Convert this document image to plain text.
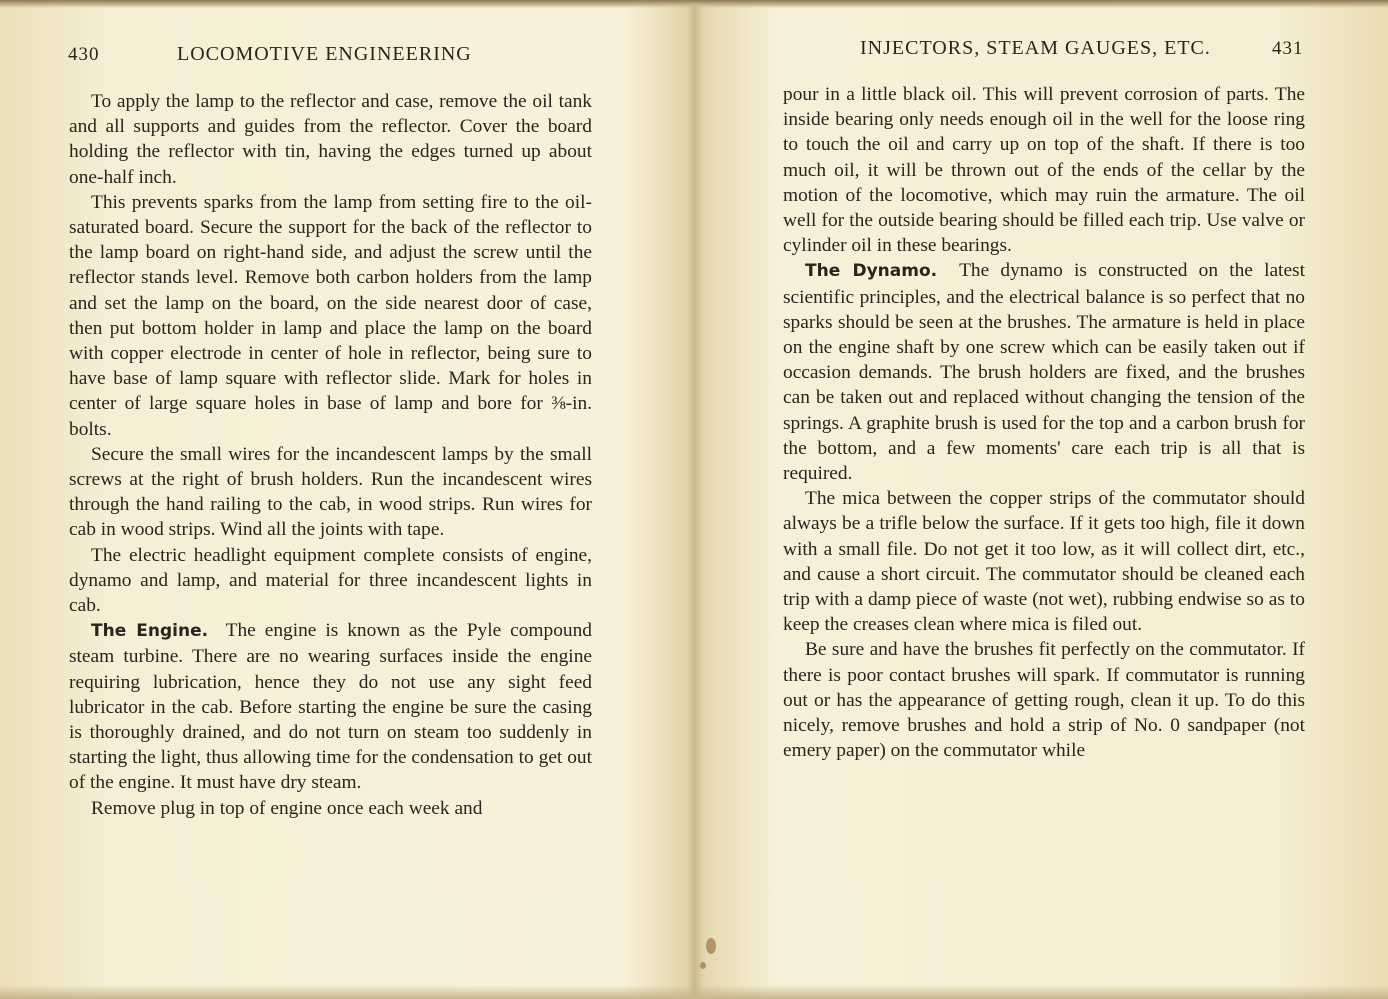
430	LOCOMOTIVE ENGINEERING

To apply the lamp to the reflector and case, remove the oil tank and all supports and guides from the reflector. Cover the board holding the reflector with tin, having the edges turned up about one-half inch.

This prevents sparks from the lamp from setting fire to the oil-saturated board. Secure the support for the back of the reflector to the lamp board on right-hand side, and adjust the screw until the reflector stands level. Remove both carbon holders from the lamp and set the lamp on the board, on the side nearest door of case, then put bottom holder in lamp and place the lamp on the board with copper electrode in center of hole in reflector, being sure to have base of lamp square with reflector slide. Mark for holes in center of large square holes in base of lamp and bore for ⅜-in. bolts.

Secure the small wires for the incandescent lamps by the small screws at the right of brush holders. Run the incandescent wires through the hand railing to the cab, in wood strips. Run wires for cab in wood strips. Wind all the joints with tape.

The electric headlight equipment complete consists of engine, dynamo and lamp, and material for three incandescent lights in cab.

The Engine. The engine is known as the Pyle compound steam turbine. There are no wearing surfaces inside the engine requiring lubrication, hence they do not use any sight feed lubricator in the cab. Before starting the engine be sure the casing is thoroughly drained, and do not turn on steam too suddenly in starting the light, thus allowing time for the condensation to get out of the engine. It must have dry steam.

Remove plug in top of engine once each week and

INJECTORS, STEAM GAUGES, ETC.	431

pour in a little black oil. This will prevent corrosion of parts. The inside bearing only needs enough oil in the well for the loose ring to touch the oil and carry up on top of the shaft. If there is too much oil, it will be thrown out of the ends of the cellar by the motion of the locomotive, which may ruin the armature. The oil well for the outside bearing should be filled each trip. Use valve or cylinder oil in these bearings.

The Dynamo. The dynamo is constructed on the latest scientific principles, and the electrical balance is so perfect that no sparks should be seen at the brushes. The armature is held in place on the engine shaft by one screw which can be easily taken out if occasion demands. The brush holders are fixed, and the brushes can be taken out and replaced without changing the tension of the springs. A graphite brush is used for the top and a carbon brush for the bottom, and a few moments' care each trip is all that is required.

The mica between the copper strips of the commutator should always be a trifle below the surface. If it gets too high, file it down with a small file. Do not get it too low, as it will collect dirt, etc., and cause a short circuit. The commutator should be cleaned each trip with a damp piece of waste (not wet), rubbing endwise so as to keep the creases clean where mica is filed out.

Be sure and have the brushes fit perfectly on the commutator. If there is poor contact brushes will spark. If commutator is running out or has the appearance of getting rough, clean it up. To do this nicely, remove brushes and hold a strip of No. 0 sandpaper (not emery paper) on the commutator while
